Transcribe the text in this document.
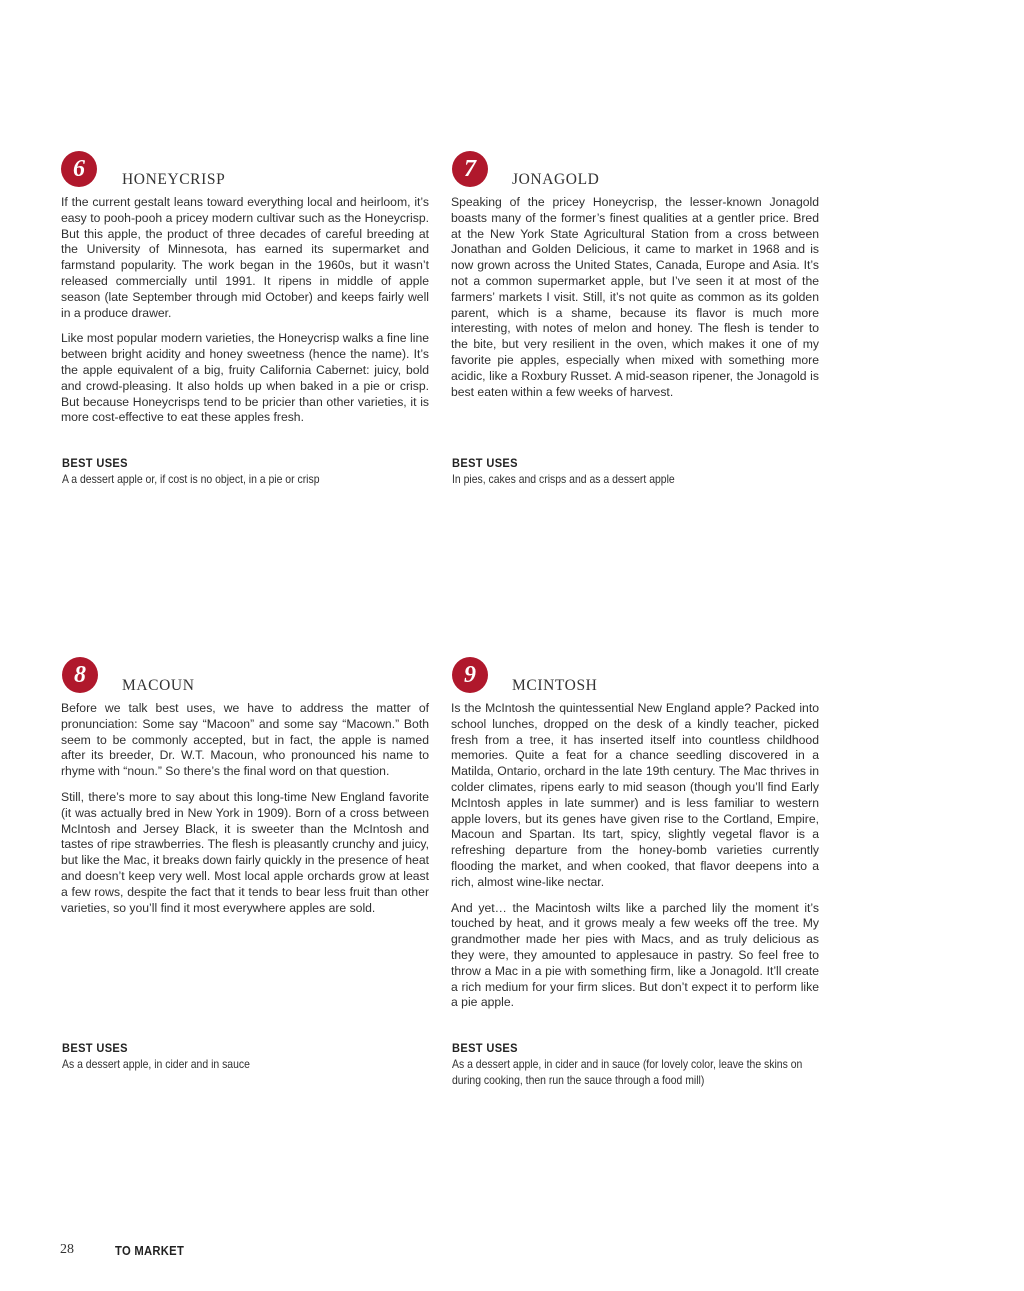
6	HONEYCRISP

If the current gestalt leans toward everything local and heirloom, it’s easy to pooh-pooh a pricey modern cultivar such as the Honeycrisp. But this apple, the product of three decades of careful breeding at the University of Minnesota, has earned its supermarket and farmstand popularity. The work began in the 1960s, but it wasn’t released commercially until 1991. It ripens in middle of apple season (late September through mid October) and keeps fairly well in a produce drawer.

Like most popular modern varieties, the Honeycrisp walks a fine line between bright acidity and honey sweetness (hence the name). It’s the apple equivalent of a big, fruity California Cabernet: juicy, bold and crowd-pleasing. It also holds up when baked in a pie or crisp. But because Honeycrisps tend to be pricier than other varieties, it is more cost-effective to eat these apples fresh.

BEST USES

A a dessert apple or, if cost is no object, in a pie or crisp

7	JONAGOLD

Speaking of the pricey Honeycrisp, the lesser-known Jonagold boasts many of the former’s finest qualities at a gentler price. Bred at the New York State Agricultural Station from a cross between Jonathan and Golden Delicious, it came to market in 1968 and is now grown across the United States, Canada, Europe and Asia. It’s not a common supermarket apple, but I’ve seen it at most of the farmers’ markets I visit. Still, it’s not quite as common as its golden parent, which is a shame, because its flavor is much more interesting, with notes of melon and honey. The flesh is tender to the bite, but very resilient in the oven, which makes it one of my favorite pie apples, especially when mixed with something more acidic, like a Roxbury Russet. A mid-season ripener, the Jonagold is best eaten within a few weeks of harvest.

BEST USES

In pies, cakes and crisps and as a dessert apple

8	MACOUN

Before we talk best uses, we have to address the matter of pronunciation: Some say “Macoon” and some say “Macown.” Both seem to be commonly accepted, but in fact, the apple is named after its breeder, Dr. W.T. Macoun, who pronounced his name to rhyme with “noun.” So there’s the final word on that question.

Still, there’s more to say about this long-time New England favorite (it was actually bred in New York in 1909). Born of a cross between McIntosh and Jersey Black, it is sweeter than the McIntosh and tastes of ripe strawberries. The flesh is pleasantly crunchy and juicy, but like the Mac, it breaks down fairly quickly in the presence of heat and doesn’t keep very well. Most local apple orchards grow at least a few rows, despite the fact that it tends to bear less fruit than other varieties, so you’ll find it most everywhere apples are sold.

BEST USES

As a dessert apple, in cider and in sauce

9	MCINTOSH

Is the McIntosh the quintessential New England apple? Packed into school lunches, dropped on the desk of a kindly teacher, picked fresh from a tree, it has inserted itself into countless childhood memories. Quite a feat for a chance seedling discovered in a Matilda, Ontario, orchard in the late 19th century. The Mac thrives in colder climates, ripens early to mid season (though you’ll find Early McIntosh apples in late summer) and is less familiar to western apple lovers, but its genes have given rise to the Cortland, Empire, Macoun and Spartan. Its tart, spicy, slightly vegetal flavor is a refreshing departure from the honey-bomb varieties currently flooding the market, and when cooked, that flavor deepens into a rich, almost wine-like nectar.

And yet… the Macintosh wilts like a parched lily the moment it’s touched by heat, and it grows mealy a few weeks off the tree. My grandmother made her pies with Macs, and as truly delicious as they were, they amounted to applesauce in pastry. So feel free to throw a Mac in a pie with something firm, like a Jonagold. It’ll create a rich medium for your firm slices. But don’t expect it to perform like a pie apple.

BEST USES

As a dessert apple, in cider and in sauce (for lovely color, leave the skins on during cooking, then run the sauce through a food mill)

28	TO MARKET
